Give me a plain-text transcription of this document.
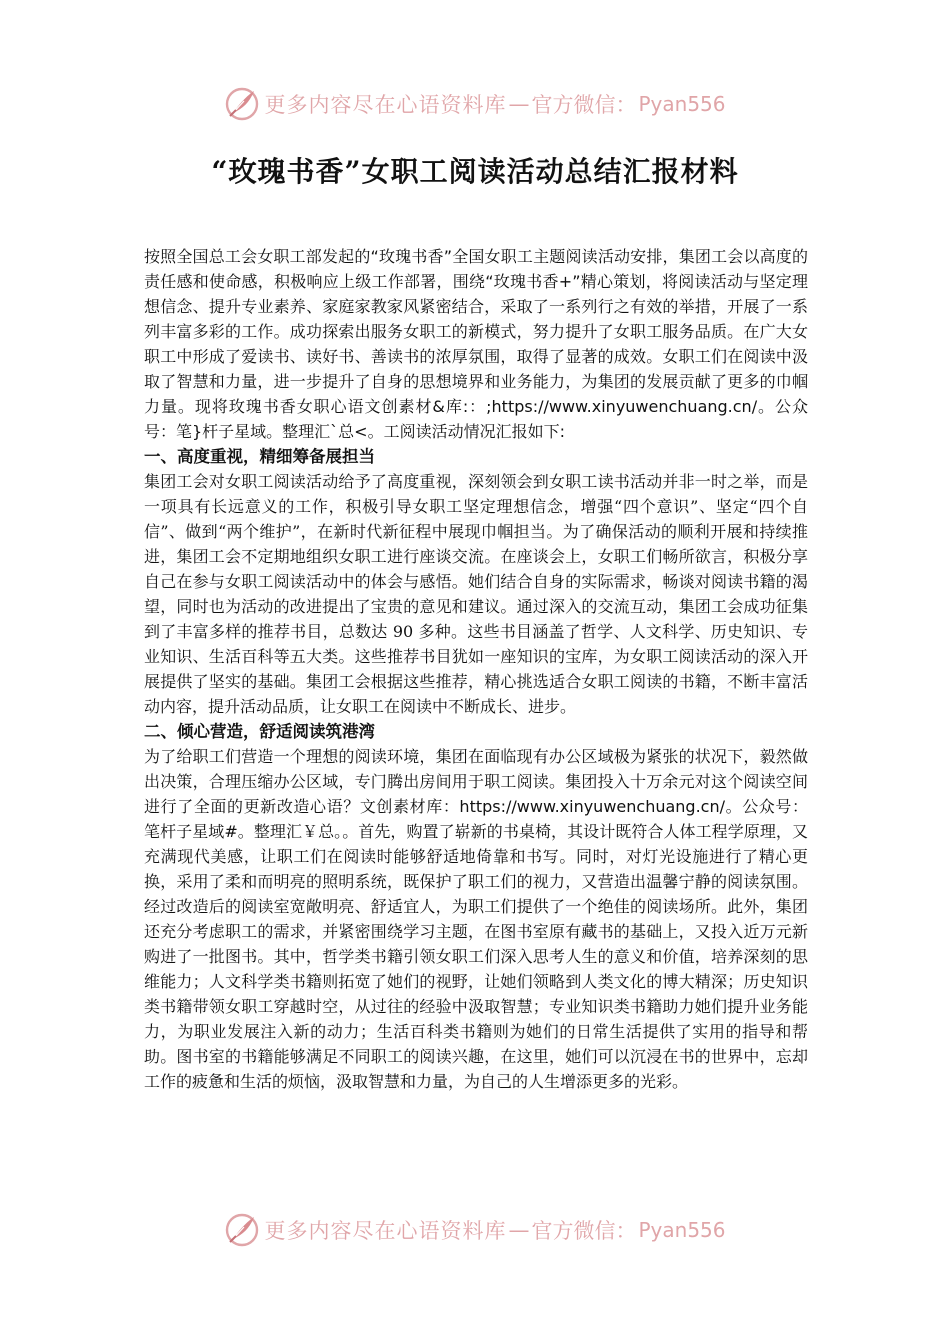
更多内容尽在心语资料库 — 官方微信： Pyan556
“玫瑰书香”女职工阅读活动总结汇报材料

按照全国总工会女职工部发起的“玫瑰书香”全国女职工主题阅读活动安排，集团工会以高度的责任感和使命感，积极响应上级工作部署，围绕“玫瑰书香+”精心策划，将阅读活动与坚定理想信念、提升专业素养、家庭家教家风紧密结合，采取了一系列行之有效的举措，开展了一系列丰富多彩的工作。成功探索出服务女职工的新模式，努力提升了女职工服务品质。在广大女职工中形成了爱读书、读好书、善读书的浓厚氛围，取得了显著的成效。女职工们在阅读中汲取了智慧和力量，进一步提升了自身的思想境界和业务能力，为集团的发展贡献了更多的巾帼力量。现将玫瑰书香女职心语文创素材&库:：;https://www.xinyuwenchuang.cn/。公众号：笔}杆子星域。整理汇`总<。工阅读活动情况汇报如下:

一、高度重视，精细筹备展担当

集团工会对女职工阅读活动给予了高度重视，深刻领会到女职工读书活动并非一时之举，而是一项具有长远意义的工作，积极引导女职工坚定理想信念，增强“四个意识”、坚定“四个自信”、做到“两个维护”，在新时代新征程中展现巾帼担当。为了确保活动的顺利开展和持续推进，集团工会不定期地组织女职工进行座谈交流。在座谈会上，女职工们畅所欲言，积极分享自己在参与女职工阅读活动中的体会与感悟。她们结合自身的实际需求，畅谈对阅读书籍的渴望，同时也为活动的改进提出了宝贵的意见和建议。通过深入的交流互动，集团工会成功征集到了丰富多样的推荐书目，总数达 90 多种。这些书目涵盖了哲学、人文科学、历史知识、专业知识、生活百科等五大类。这些推荐书目犹如一座知识的宝库，为女职工阅读活动的深入开展提供了坚实的基础。集团工会根据这些推荐，精心挑选适合女职工阅读的书籍，不断丰富活动内容，提升活动品质，让女职工在阅读中不断成长、进步。

二、倾心营造，舒适阅读筑港湾

为了给职工们营造一个理想的阅读环境，集团在面临现有办公区域极为紧张的状况下，毅然做出决策，合理压缩办公区域，专门腾出房间用于职工阅读。集团投入十万余元对这个阅读空间进行了全面的更新改造心语？文创素材库：https://www.xinyuwenchuang.cn/。公众号：笔杆子星域#。整理汇￥总。。首先，购置了崭新的书桌椅，其设计既符合人体工程学原理，又充满现代美感，让职工们在阅读时能够舒适地倚靠和书写。同时，对灯光设施进行了精心更换，采用了柔和而明亮的照明系统，既保护了职工们的视力，又营造出温馨宁静的阅读氛围。经过改造后的阅读室宽敞明亮、舒适宜人，为职工们提供了一个绝佳的阅读场所。此外，集团还充分考虑职工的需求，并紧密围绕学习主题，在图书室原有藏书的基础上，又投入近万元新购进了一批图书。其中，哲学类书籍引领女职工们深入思考人生的意义和价值，培养深刻的思维能力；人文科学类书籍则拓宽了她们的视野，让她们领略到人类文化的博大精深；历史知识类书籍带领女职工穿越时空，从过往的经验中汲取智慧；专业知识类书籍助力她们提升业务能力，为职业发展注入新的动力；生活百科类书籍则为她们的日常生活提供了实用的指导和帮助。图书室的书籍能够满足不同职工的阅读兴趣，在这里，她们可以沉浸在书的世界中，忘却工作的疲惫和生活的烦恼，汲取智慧和力量，为自己的人生增添更多的光彩。

更多内容尽在心语资料库 — 官方微信： Pyan556
